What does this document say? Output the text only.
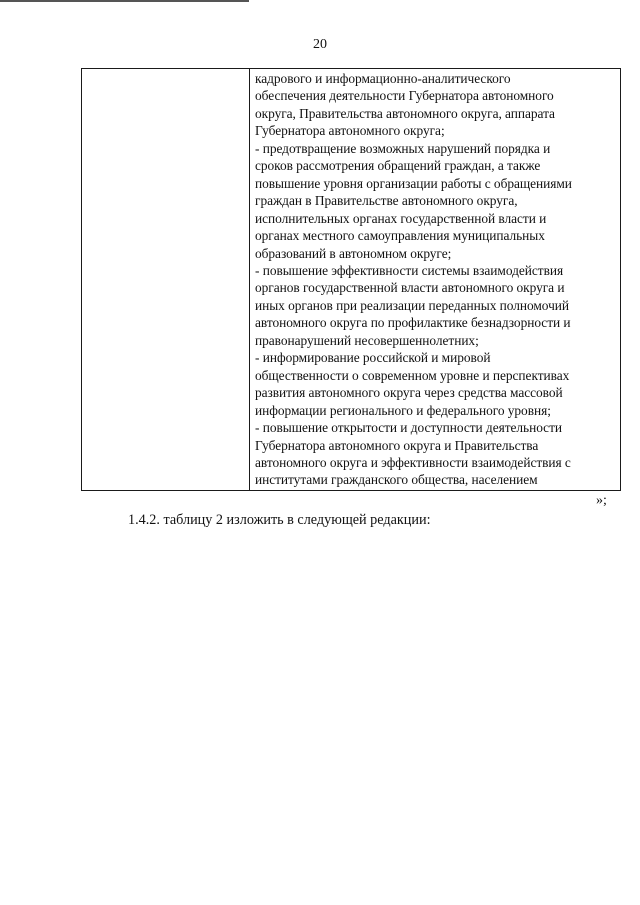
20
кадрового и информационно-аналитического
обеспечения деятельности Губернатора автономного
округа, Правительства автономного округа, аппарата
Губернатора автономного округа;
- предотвращение возможных нарушений порядка и
сроков рассмотрения обращений граждан, а также
повышение уровня организации работы с обращениями
граждан в Правительстве автономного округа,
исполнительных органах государственной власти и
органах местного самоуправления муниципальных
образований в автономном округе;
- повышение эффективности системы взаимодействия
органов государственной власти автономного округа и
иных органов при реализации переданных полномочий
автономного округа по профилактике безнадзорности и
правонарушений несовершеннолетних;
- информирование российской и мировой
общественности о современном уровне и перспективах
развития автономного округа через средства массовой
информации регионального и федерального уровня;
- повышение открытости и доступности деятельности
Губернатора автономного округа и Правительства
автономного округа и эффективности взаимодействия с
институтами гражданского общества, населением
»;
1.4.2. таблицу 2 изложить в следующей редакции:
